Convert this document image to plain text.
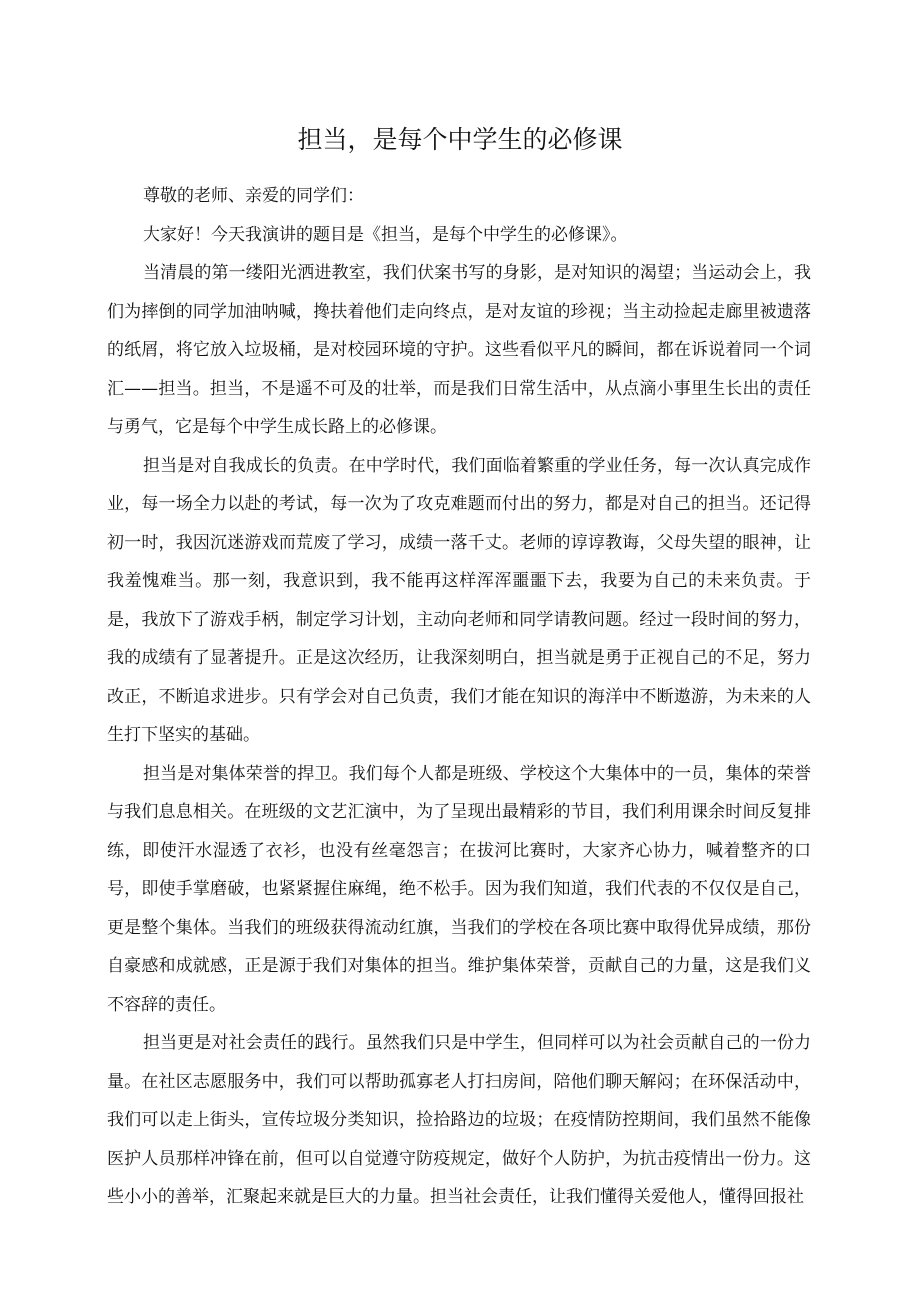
担当，是每个中学生的必修课

尊敬的老师、亲爱的同学们：

大家好！今天我演讲的题目是《担当，是每个中学生的必修课》。

当清晨的第一缕阳光洒进教室，我们伏案书写的身影，是对知识的渴望；当运动会上，我们为摔倒的同学加油呐喊，搀扶着他们走向终点，是对友谊的珍视；当主动捡起走廊里被遗落的纸屑，将它放入垃圾桶，是对校园环境的守护。这些看似平凡的瞬间，都在诉说着同一个词汇——担当。担当，不是遥不可及的壮举，而是我们日常生活中，从点滴小事里生长出的责任与勇气，它是每个中学生成长路上的必修课。

担当是对自我成长的负责。在中学时代，我们面临着繁重的学业任务，每一次认真完成作业，每一场全力以赴的考试，每一次为了攻克难题而付出的努力，都是对自己的担当。还记得初一时，我因沉迷游戏而荒废了学习，成绩一落千丈。老师的谆谆教诲，父母失望的眼神，让我羞愧难当。那一刻，我意识到，我不能再这样浑浑噩噩下去，我要为自己的未来负责。于是，我放下了游戏手柄，制定学习计划，主动向老师和同学请教问题。经过一段时间的努力，我的成绩有了显著提升。正是这次经历，让我深刻明白，担当就是勇于正视自己的不足，努力改正，不断追求进步。只有学会对自己负责，我们才能在知识的海洋中不断遨游，为未来的人生打下坚实的基础。

担当是对集体荣誉的捍卫。我们每个人都是班级、学校这个大集体中的一员，集体的荣誉与我们息息相关。在班级的文艺汇演中，为了呈现出最精彩的节目，我们利用课余时间反复排练，即使汗水湿透了衣衫，也没有丝毫怨言；在拔河比赛时，大家齐心协力，喊着整齐的口号，即使手掌磨破，也紧紧握住麻绳，绝不松手。因为我们知道，我们代表的不仅仅是自己，更是整个集体。当我们的班级获得流动红旗，当我们的学校在各项比赛中取得优异成绩，那份自豪感和成就感，正是源于我们对集体的担当。维护集体荣誉，贡献自己的力量，这是我们义不容辞的责任。

担当更是对社会责任的践行。虽然我们只是中学生，但同样可以为社会贡献自己的一份力量。在社区志愿服务中，我们可以帮助孤寡老人打扫房间，陪他们聊天解闷；在环保活动中，我们可以走上街头，宣传垃圾分类知识，捡拾路边的垃圾；在疫情防控期间，我们虽然不能像医护人员那样冲锋在前，但可以自觉遵守防疫规定，做好个人防护，为抗击疫情出一份力。这些小小的善举，汇聚起来就是巨大的力量。担当社会责任，让我们懂得关爱他人，懂得回报社
